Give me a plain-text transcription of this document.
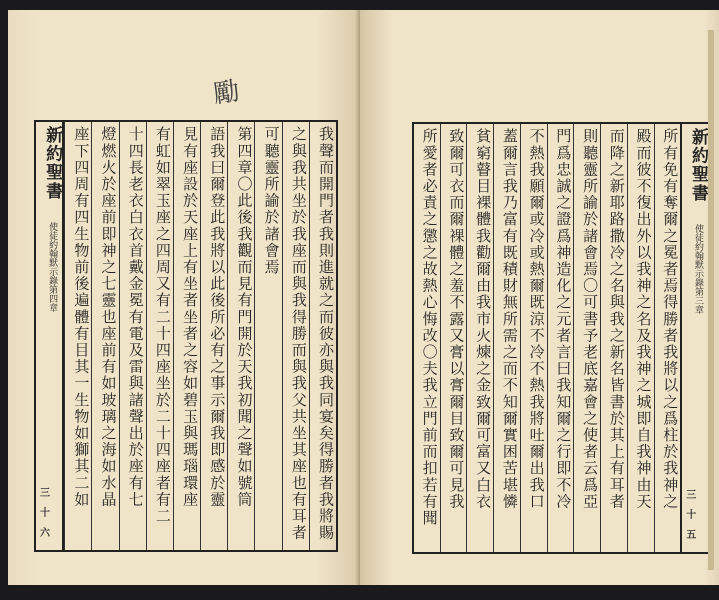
勵
我聲而開門者我則進就之而彼亦與我同宴矣得勝者我將賜
之與我共坐於我座而與我得勝而與我父共坐其座也有耳者
可聽靈所諭於諸會焉
第四章〇此後我觀而見有門開於天我初聞之聲如號筒
語我曰爾登此我將以此後所必有之事示爾我即感於靈
見有座設於天座上有坐者坐者之容如碧玉與瑪瑙環座
有虹如翠玉座之四周又有二十四座坐於二十四座者有二
十四長老衣白衣首戴金冕有電及雷與諸聲出於座有七
燈燃火於座前即神之七靈也座前有如玻璃之海如水晶
座下四周有四生物前後遍體有目其一生物如獅其二如
新約聖書 使徒約翰默示錄第四章
三十六
新約聖書 使徒約翰默示錄第三章
三十五
所有免有奪爾之冕者焉得勝者我將以之爲柱於我神之
殿而彼不復出外以我神之名及我神之城即自我神由天
而降之新耶路撒冷之名與我之新名皆書於其上有耳者
則聽靈所諭於諸會焉〇可書予老底嘉會之使者云爲亞
門爲忠誠之證爲神造化之元者言曰我知爾之行即不冷
不熱我願爾或冷或熱爾既涼不冷不熱我將吐爾出我口
蓋爾言我乃富有既積財無所需之而不知爾實困苦堪憐
貧窮瞽目裸體我勸爾由我市火煉之金致爾可富又白衣
致爾可衣而爾裸體之羞不露又膏以膏爾目致爾可見我
所愛者必責之懲之故熱心悔改〇夫我立門前而扣若有聞
